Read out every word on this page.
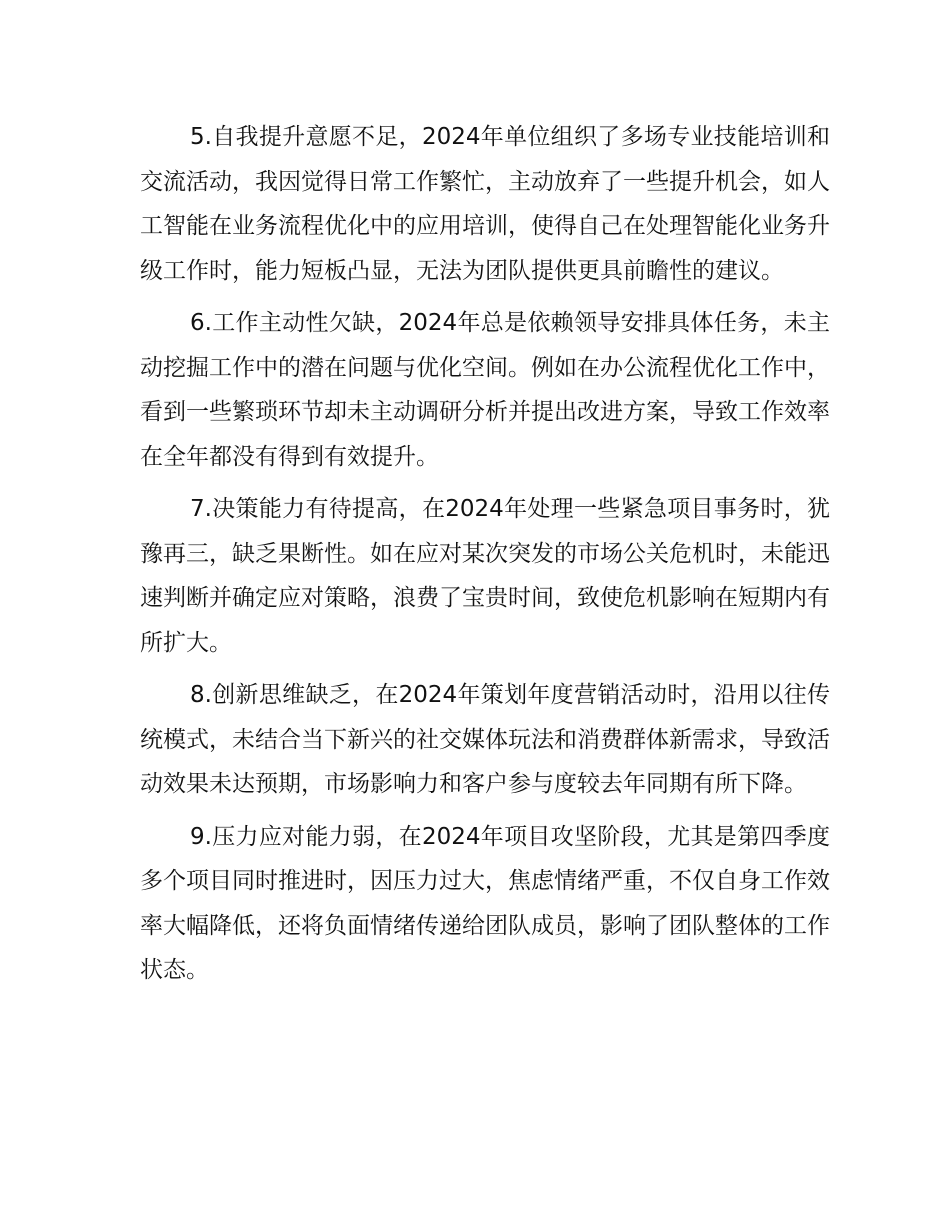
5.自我提升意愿不足，2024年单位组织了多场专业技能培训和交流活动，我因觉得日常工作繁忙，主动放弃了一些提升机会，如人工智能在业务流程优化中的应用培训，使得自己在处理智能化业务升级工作时，能力短板凸显，无法为团队提供更具前瞻性的建议。

6.工作主动性欠缺，2024年总是依赖领导安排具体任务，未主动挖掘工作中的潜在问题与优化空间。例如在办公流程优化工作中，看到一些繁琐环节却未主动调研分析并提出改进方案，导致工作效率在全年都没有得到有效提升。

7.决策能力有待提高，在2024年处理一些紧急项目事务时，犹豫再三，缺乏果断性。如在应对某次突发的市场公关危机时，未能迅速判断并确定应对策略，浪费了宝贵时间，致使危机影响在短期内有所扩大。

8.创新思维缺乏，在2024年策划年度营销活动时，沿用以往传统模式，未结合当下新兴的社交媒体玩法和消费群体新需求，导致活动效果未达预期，市场影响力和客户参与度较去年同期有所下降。

9.压力应对能力弱，在2024年项目攻坚阶段，尤其是第四季度多个项目同时推进时，因压力过大，焦虑情绪严重，不仅自身工作效率大幅降低，还将负面情绪传递给团队成员，影响了团队整体的工作状态。
